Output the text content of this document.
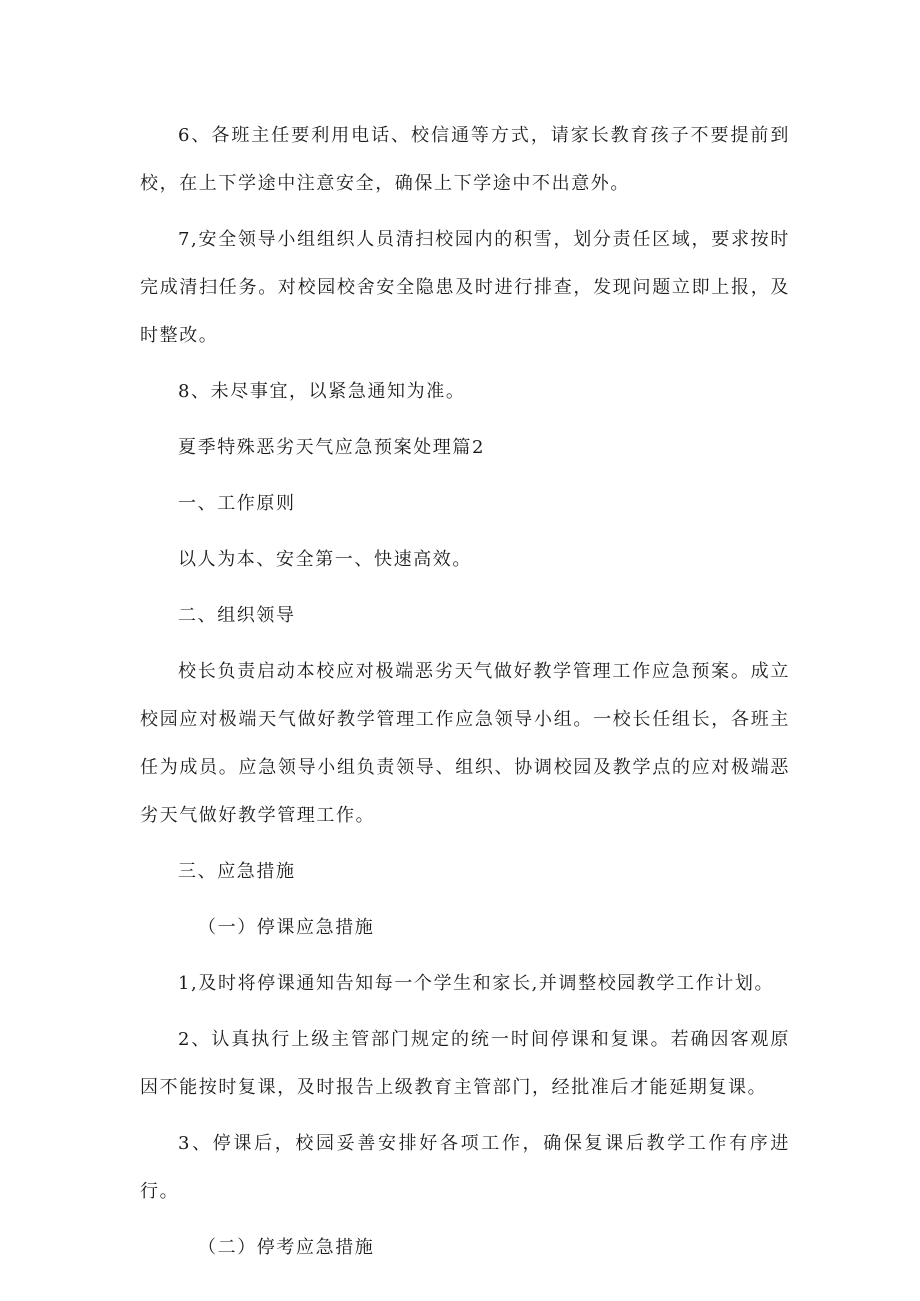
6、各班主任要利用电话、校信通等方式，请家长教育孩子不要提前到校，在上下学途中注意安全，确保上下学途中不出意外。

7,安全领导小组组织人员清扫校园内的积雪，划分责任区域，要求按时完成清扫任务。对校园校舍安全隐患及时进行排查，发现问题立即上报，及时整改。

8、未尽事宜，以紧急通知为准。

夏季特殊恶劣天气应急预案处理篇2

一、工作原则

以人为本、安全第一、快速高效。

二、组织领导

校长负责启动本校应对极端恶劣天气做好教学管理工作应急预案。成立校园应对极端天气做好教学管理工作应急领导小组。一校长任组长，各班主任为成员。应急领导小组负责领导、组织、协调校园及教学点的应对极端恶劣天气做好教学管理工作。

三、应急措施

（一）停课应急措施

1,及时将停课通知告知每一个学生和家长,并调整校园教学工作计划。

2、认真执行上级主管部门规定的统一时间停课和复课。若确因客观原因不能按时复课，及时报告上级教育主管部门，经批准后才能延期复课。

3、停课后，校园妥善安排好各项工作，确保复课后教学工作有序进行。

（二）停考应急措施
